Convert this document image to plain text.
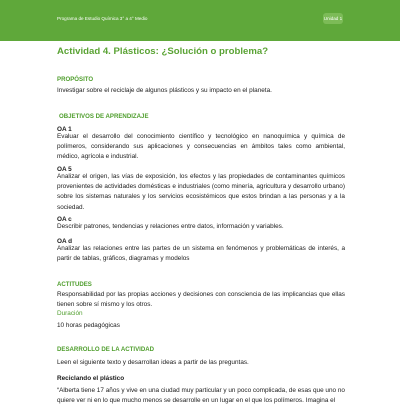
Programa de Estudio Química 3° a 4° Medio	Unidad 1
Actividad 4. Plásticos: ¿Solución o problema?
PROPÓSITO
Investigar sobre el reciclaje de algunos plásticos y su impacto en el planeta.
OBJETIVOS DE APRENDIZAJE
OA 1
Evaluar el desarrollo del conocimiento científico y tecnológico en nanoquímica y química de polímeros, considerando sus aplicaciones y consecuencias en ámbitos tales como ambiental, médico, agrícola e industrial.
OA 5
Analizar el origen, las vías de exposición, los efectos y las propiedades de contaminantes químicos provenientes de actividades domésticas e industriales (como minería, agricultura y desarrollo urbano) sobre los sistemas naturales y los servicios ecosistémicos que estos brindan a las personas y a la sociedad.
OA c
Describir patrones, tendencias y relaciones entre datos, información y variables.
OA d
Analizar las relaciones entre las partes de un sistema en fenómenos y problemáticas de interés, a partir de tablas, gráficos, diagramas y modelos
ACTITUDES
Responsabilidad por las propias acciones y decisiones con consciencia de las implicancias que ellas tienen sobre sí mismo y los otros.
Duración
10 horas pedagógicas
DESARROLLO DE LA ACTIVIDAD
Leen el siguiente texto y desarrollan ideas a partir de las preguntas.
Reciclando el plástico
“Alberta tiene 17 años y vive en una ciudad muy particular y un poco complicada, de esas que uno no quiere ver ni en lo que mucho menos se desarrolle en un lugar en el que los polímeros. Imagina el
